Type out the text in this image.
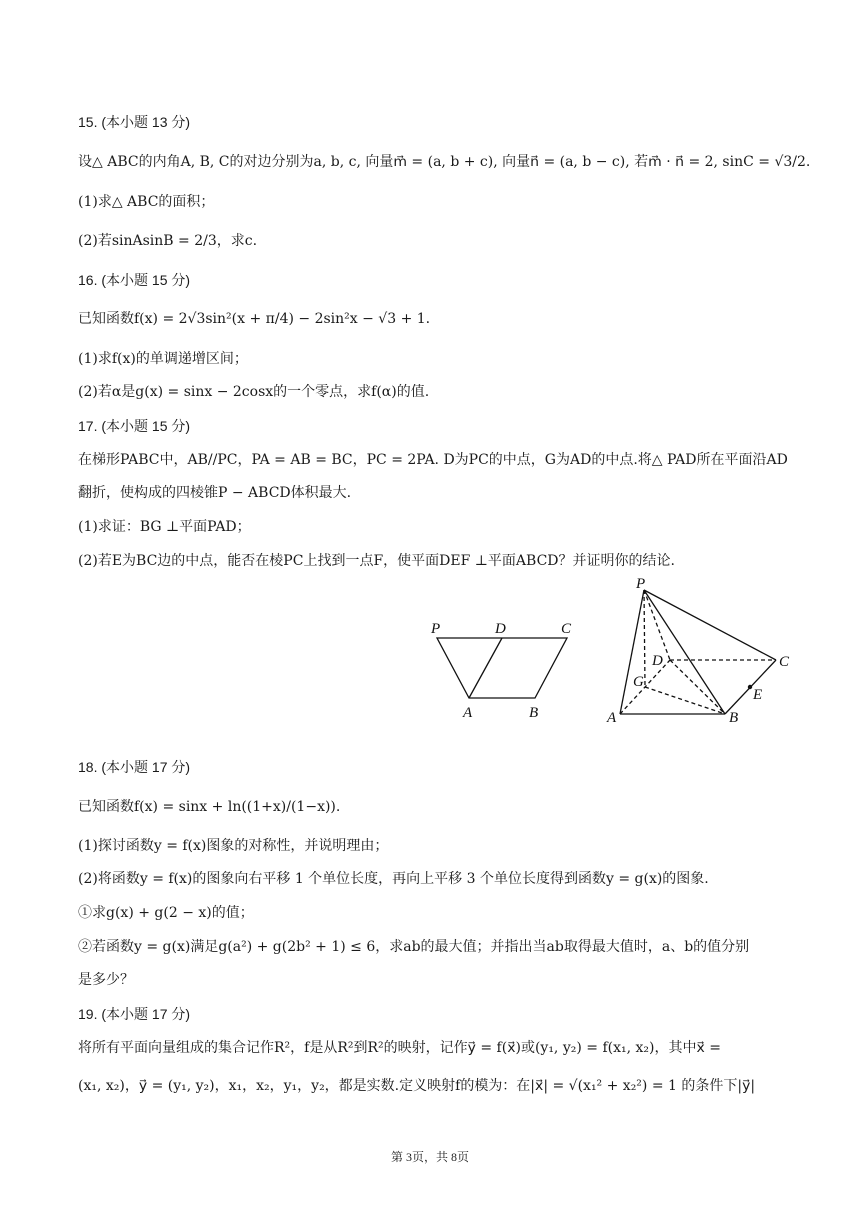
15. (本小题 13 分)
设△ ABC的内角A, B, C的对边分别为a, b, c, 向量m⃗ = (a, b + c), 向量n⃗ = (a, b − c), 若m⃗ · n⃗ = 2, sinC = √3/2.
(1)求△ ABC的面积；
(2)若sinAsinB = 2/3，求c.
16. (本小题 15 分)
已知函数f(x) = 2√3sin²(x + π/4) − 2sin²x − √3 + 1.
(1)求f(x)的单调递增区间；
(2)若α是g(x) = sinx − 2cosx的一个零点，求f(α)的值.
17. (本小题 15 分)
在梯形PABC中，AB//PC，PA = AB = BC，PC = 2PA. D为PC的中点，G为AD的中点.将△ PAD所在平面沿AD
翻折，使构成的四棱锥P − ABCD体积最大.
(1)求证：BG ⊥平面PAD；
(2)若E为BC边的中点，能否在棱PC上找到一点F，使平面DEF ⊥平面ABCD？并证明你的结论.
P	D	C
A	B
P
D	C
G
E
A	B
18. (本小题 17 分)
已知函数f(x) = sinx + ln((1+x)/(1−x)).
(1)探讨函数y = f(x)图象的对称性，并说明理由；
(2)将函数y = f(x)的图象向右平移 1 个单位长度，再向上平移 3 个单位长度得到函数y = g(x)的图象.
①求g(x) + g(2 − x)的值；
②若函数y = g(x)满足g(a²) + g(2b² + 1) ≤ 6，求ab的最大值；并指出当ab取得最大值时，a、b的值分别
是多少？
19. (本小题 17 分)
将所有平面向量组成的集合记作R²，f是从R²到R²的映射，记作y⃗ = f(x⃗)或(y₁, y₂) = f(x₁, x₂)，其中x⃗ =
(x₁, x₂)，y⃗ = (y₁, y₂)，x₁，x₂，y₁，y₂，都是实数.定义映射f的模为：在|x⃗| = √(x₁² + x₂²) = 1 的条件下|y⃗|
第 3页，共 8页
